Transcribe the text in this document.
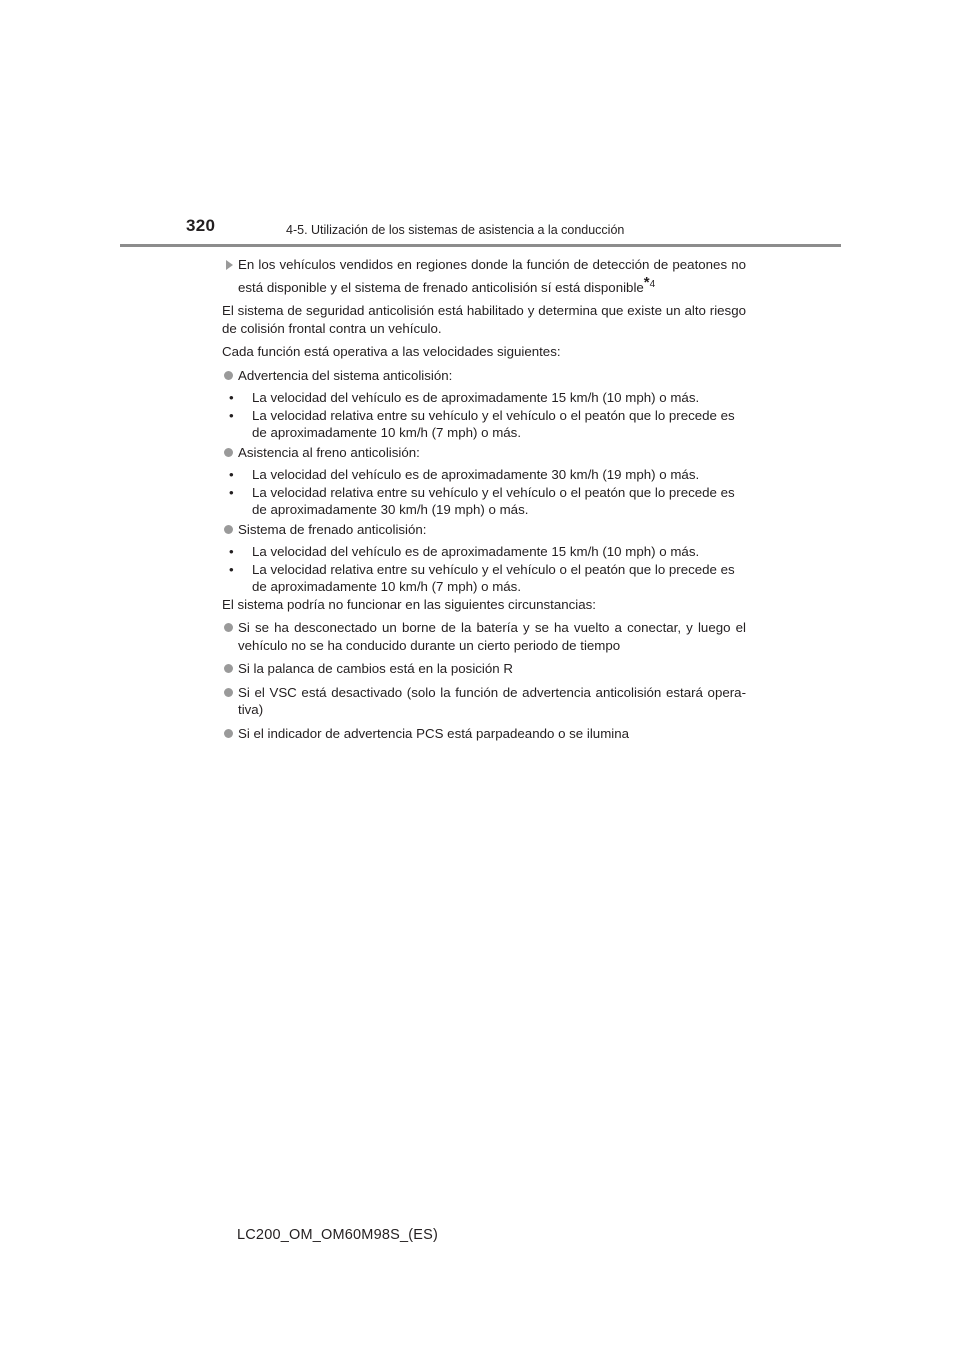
320	4-5. Utilización de los sistemas de asistencia a la conducción

En los vehículos vendidos en regiones donde la función de detección de peatones no está disponible y el sistema de frenado anticolisión sí está disponible$^{*4}$

El sistema de seguridad anticolisión está habilitado y determina que existe un alto riesgo de colisión frontal contra un vehículo.

Cada función está operativa a las velocidades siguientes:

Advertencia del sistema anticolisión:

• La velocidad del vehículo es de aproximadamente 15 km/h (10 mph) o más.
• La velocidad relativa entre su vehículo y el vehículo o el peatón que lo precede es de aproximadamente 10 km/h (7 mph) o más.

Asistencia al freno anticolisión:

• La velocidad del vehículo es de aproximadamente 30 km/h (19 mph) o más.
• La velocidad relativa entre su vehículo y el vehículo o el peatón que lo precede es de aproximadamente 30 km/h (19 mph) o más.

Sistema de frenado anticolisión:

• La velocidad del vehículo es de aproximadamente 15 km/h (10 mph) o más.
• La velocidad relativa entre su vehículo y el vehículo o el peatón que lo precede es de aproximadamente 10 km/h (7 mph) o más.

El sistema podría no funcionar en las siguientes circunstancias:

Si se ha desconectado un borne de la batería y se ha vuelto a conectar, y luego el vehículo no se ha conducido durante un cierto periodo de tiempo

Si la palanca de cambios está en la posición R

Si el VSC está desactivado (solo la función de advertencia anticolisión estará opera-tiva)

Si el indicador de advertencia PCS está parpadeando o se ilumina

LC200_OM_OM60M98S_(ES)
